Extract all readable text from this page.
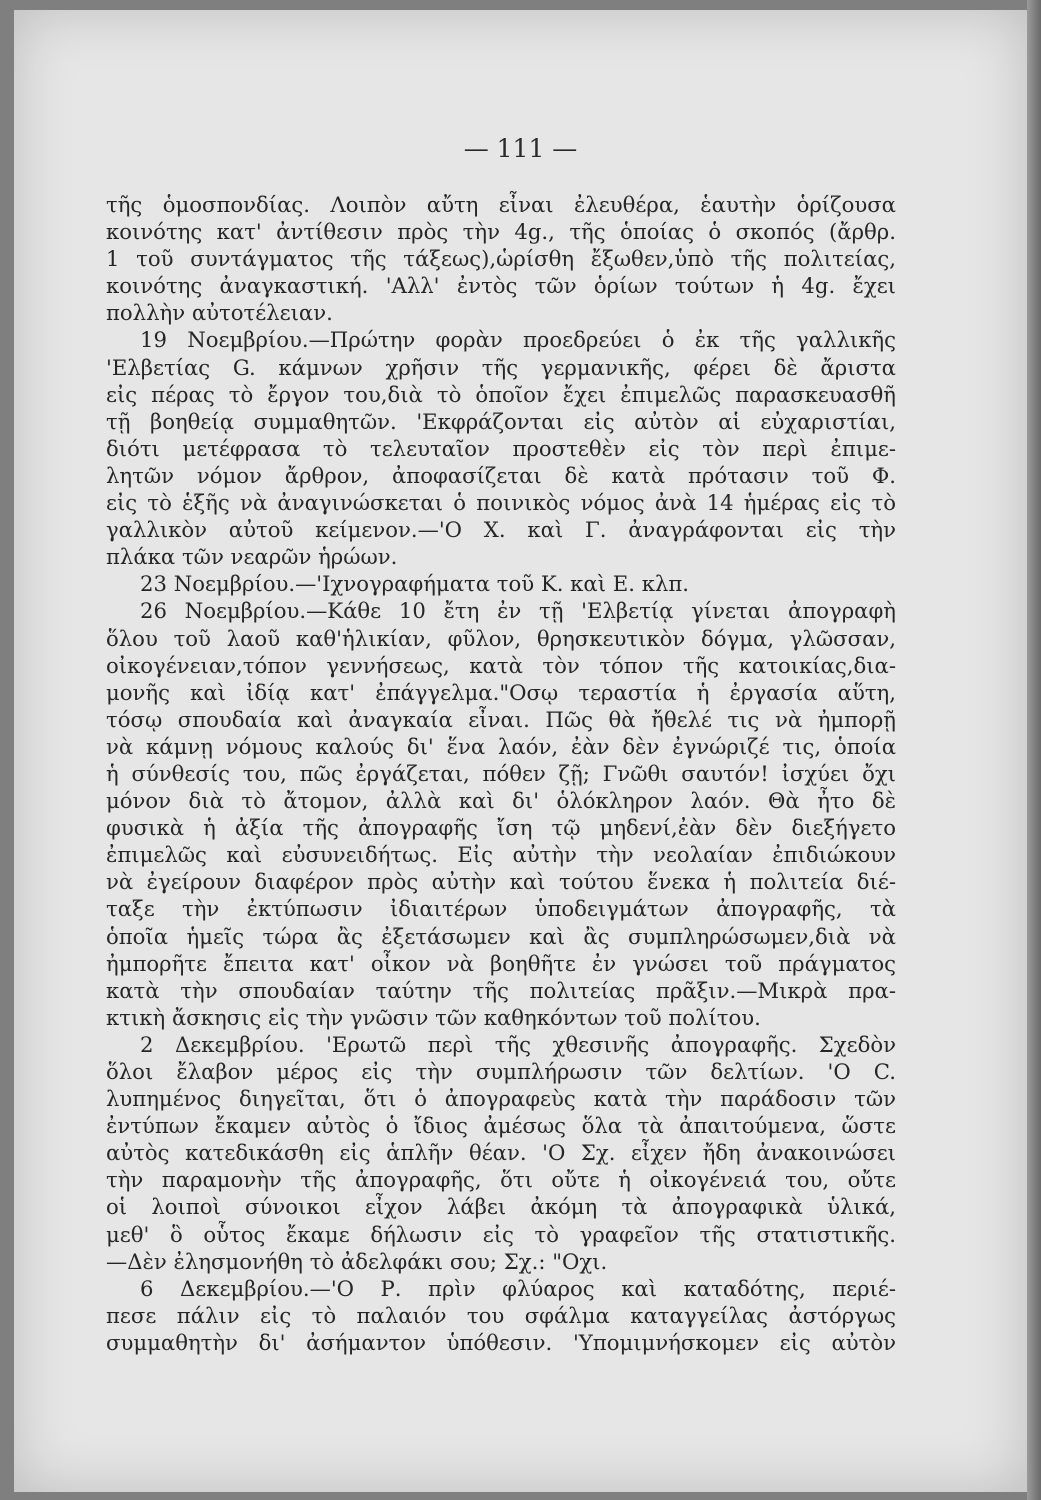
— 111 —
τῆς ὁμοσπονδίας. Λοιπὸν αὔτη εἶναι ἐλευθέρα, ἑαυτὴν ὁρίζουσα
κοινότης κατ' ἀντίθεσιν πρὸς τὴν 4g., τῆς ὁποίας ὁ σκοπός (ἄρθρ.
1 τοῦ συντάγματος τῆς τάξεως),ὡρίσθη ἔξωθεν,ὑπὸ τῆς πολιτείας,
κοινότης ἀναγκαστική. 'Αλλ' ἐντὸς τῶν ὁρίων τούτων ἡ 4g. ἔχει
πολλὴν αὐτοτέλειαν.
19 Νοεμβρίου.—Πρώτην φορὰν προεδρεύει ὁ ἐκ τῆς γαλλικῆς
'Ελβετίας G. κάμνων χρῆσιν τῆς γερμανικῆς, φέρει δὲ ἄριστα
εἰς πέρας τὸ ἔργον του,διὰ τὸ ὁποῖον ἔχει ἐπιμελῶς παρασκευασθῆ
τῇ βοηθείᾳ συμμαθητῶν. 'Εκφράζονται εἰς αὐτὸν αἱ εὐχαριστίαι,
διότι μετέφρασα τὸ τελευταῖον προστεθὲν εἰς τὸν περὶ ἐπιμε-
λητῶν νόμον ἄρθρον, ἀποφασίζεται δὲ κατὰ πρότασιν τοῦ Φ.
εἰς τὸ ἑξῆς νὰ ἀναγινώσκεται ὁ ποινικὸς νόμος ἀνὰ 14 ἡμέρας εἰς τὸ
γαλλικὸν αὐτοῦ κείμενον.—'Ο Χ. καὶ Γ. ἀναγράφονται εἰς τὴν
πλάκα τῶν νεαρῶν ἡρώων.
23 Νοεμβρίου.—'Ιχνογραφήματα τοῦ Κ. καὶ Ε. κλπ.
26 Νοεμβρίου.—Κάθε 10 ἔτη ἐν τῇ 'Ελβετίᾳ γίνεται ἀπογραφὴ
ὅλου τοῦ λαοῦ καθ'ἡλικίαν, φῦλον, θρησκευτικὸν δόγμα, γλῶσσαν,
οἰκογένειαν,τόπον γεννήσεως, κατὰ τὸν τόπον τῆς κατοικίας,δια-
μονῆς καὶ ἰδίᾳ κατ' ἐπάγγελμα."Οσῳ τεραστία ἡ ἐργασία αὕτη,
τόσῳ σπουδαία καὶ ἀναγκαία εἶναι. Πῶς θὰ ἤθελέ τις νὰ ἠμπορῇ
νὰ κάμνῃ νόμους καλούς δι' ἕνα λαόν, ἐὰν δὲν ἐγνώριζέ τις, ὁποία
ἡ σύνθεσίς του, πῶς ἐργάζεται, πόθεν ζῇ; Γνῶθι σαυτόν! ἰσχύει ὄχι
μόνον διὰ τὸ ἄτομον, ἀλλὰ καὶ δι' ὁλόκληρον λαόν. Θὰ ἦτο δὲ
φυσικὰ ἡ ἀξία τῆς ἀπογραφῆς ἴση τῷ μηδενί,ἐὰν δὲν διεξήγετο
ἐπιμελῶς καὶ εὐσυνειδήτως. Εἰς αὐτὴν τὴν νεολαίαν ἐπιδιώκουν
νὰ ἐγείρουν διαφέρον πρὸς αὐτὴν καὶ τούτου ἕνεκα ἡ πολιτεία διέ-
ταξε τὴν ἐκτύπωσιν ἰδιαιτέρων ὑποδειγμάτων ἀπογραφῆς, τὰ
ὁποῖα ἡμεῖς τώρα ἂς ἐξετάσωμεν καὶ ἂς συμπληρώσωμεν,διὰ νὰ
ἠμπορῆτε ἔπειτα κατ' οἶκον νὰ βοηθῆτε ἐν γνώσει τοῦ πράγματος
κατὰ τὴν σπουδαίαν ταύτην τῆς πολιτείας πρᾶξιν.—Μικρὰ πρα-
κτικὴ ἄσκησις εἰς τὴν γνῶσιν τῶν καθηκόντων τοῦ πολίτου.
2 Δεκεμβρίου. 'Ερωτῶ περὶ τῆς χθεσινῆς ἀπογραφῆς. Σχεδὸν
ὅλοι ἔλαβον μέρος εἰς τὴν συμπλήρωσιν τῶν δελτίων. 'Ο C.
λυπημένος διηγεῖται, ὅτι ὁ ἀπογραφεὺς κατὰ τὴν παράδοσιν τῶν
ἐντύπων ἔκαμεν αὐτὸς ὁ ἴδιος ἀμέσως ὅλα τὰ ἀπαιτούμενα, ὥστε
αὐτὸς κατεδικάσθη εἰς ἁπλῆν θέαν. 'Ο Σχ. εἶχεν ἤδη ἀνακοινώσει
τὴν παραμονὴν τῆς ἀπογραφῆς, ὅτι οὔτε ἡ οἰκογένειά του, οὔτε
οἱ λοιποὶ σύνοικοι εἶχον λάβει ἀκόμη τὰ ἀπογραφικὰ ὑλικά,
μεθ' ὃ οὗτος ἔκαμε δήλωσιν εἰς τὸ γραφεῖον τῆς στατιστικῆς.
—Δὲν ἐλησμονήθη τὸ ἀδελφάκι σου; Σχ.: "Οχι.
6 Δεκεμβρίου.—'Ο Ρ. πρὶν φλύαρος καὶ καταδότης, περιέ-
πεσε πάλιν εἰς τὸ παλαιόν του σφάλμα καταγγείλας ἀστόργως
συμμαθητὴν δι' ἀσήμαντον ὑπόθεσιν. 'Υπομιμνήσκομεν εἰς αὐτὸν
